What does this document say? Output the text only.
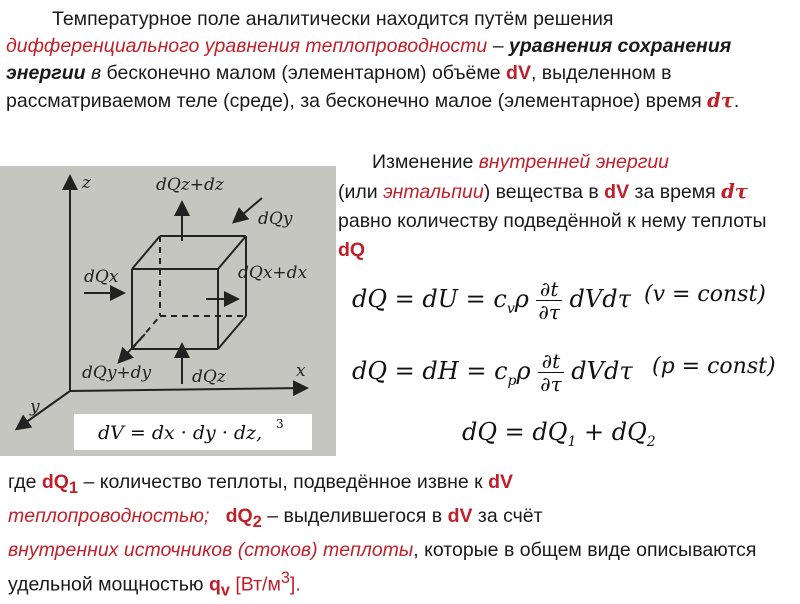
Температурное поле аналитически находится путём решения дифференциального уравнения теплопроводности – уравнения сохранения энергии в бесконечно малом (элементарном) объёме dV, выделенном в рассматриваемом теле (среде), за бесконечно малое (элементарное) время dτ.
Изменение внутренней энергии
(или энтальпии) вещества в dV за время dτ равно количеству подведённой к нему теплоты dQ
z
y
x
dQz+dz
dQy
dQx	dQx+dx
dQy+dy dQz
dV = dx · dy · dz, 3
dQ = dU = $c_v\rho \frac{\partial t}{\partial\tau}$ dVdτ (v = const)
dQ = dH = $c_p\rho \frac{\partial t}{\partial\tau}$ dVdτ (p = const)
dQ = $dQ_1 + dQ_2$
где $dQ_1$ – количество теплоты, подведённое извне к dV
теплопроводностью; $dQ_2$ – выделившегося в dV за счёт
внутренних источников (стоков) теплоты, которые в общем виде описываются удельной мощностью $q_v$ $[Вт/м^3]$.
